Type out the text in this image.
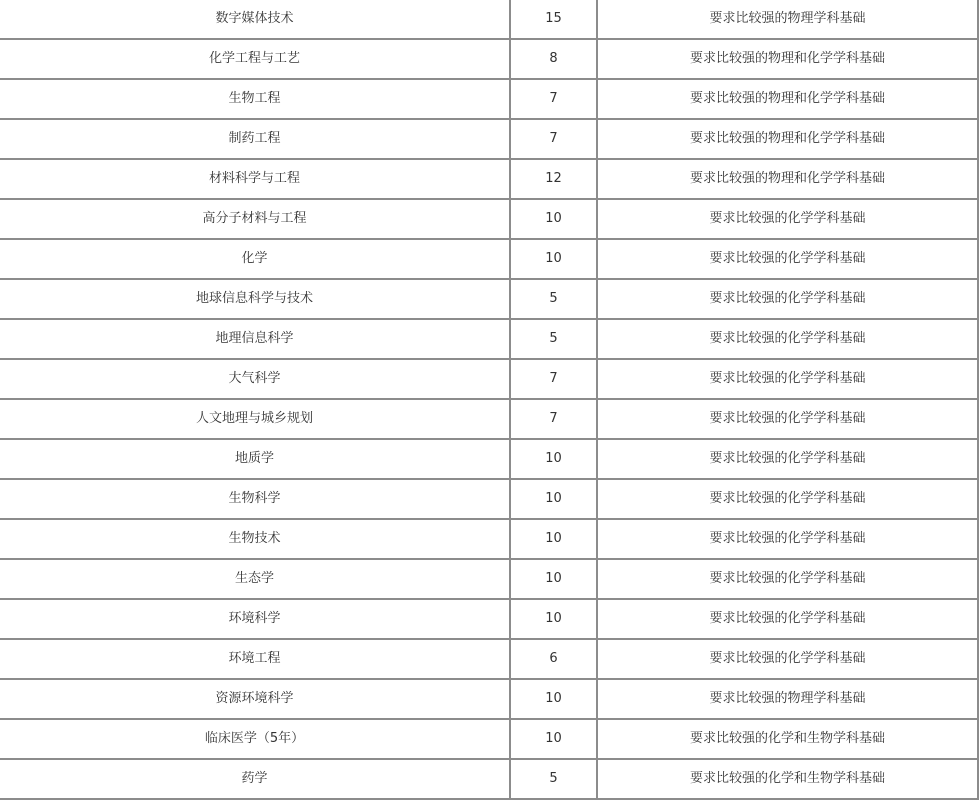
数字媒体技术	15	要求比较强的物理学科基础
化学工程与工艺	8	要求比较强的物理和化学学科基础
生物工程	7	要求比较强的物理和化学学科基础
制药工程	7	要求比较强的物理和化学学科基础
材料科学与工程	12	要求比较强的物理和化学学科基础
高分子材料与工程	10	要求比较强的化学学科基础
化学	10	要求比较强的化学学科基础
地球信息科学与技术	5	要求比较强的化学学科基础
地理信息科学	5	要求比较强的化学学科基础
大气科学	7	要求比较强的化学学科基础
人文地理与城乡规划	7	要求比较强的化学学科基础
地质学	10	要求比较强的化学学科基础
生物科学	10	要求比较强的化学学科基础
生物技术	10	要求比较强的化学学科基础
生态学	10	要求比较强的化学学科基础
环境科学	10	要求比较强的化学学科基础
环境工程	6	要求比较强的化学学科基础
资源环境科学	10	要求比较强的物理学科基础
临床医学（5年）	10	要求比较强的化学和生物学科基础
药学	5	要求比较强的化学和生物学科基础
